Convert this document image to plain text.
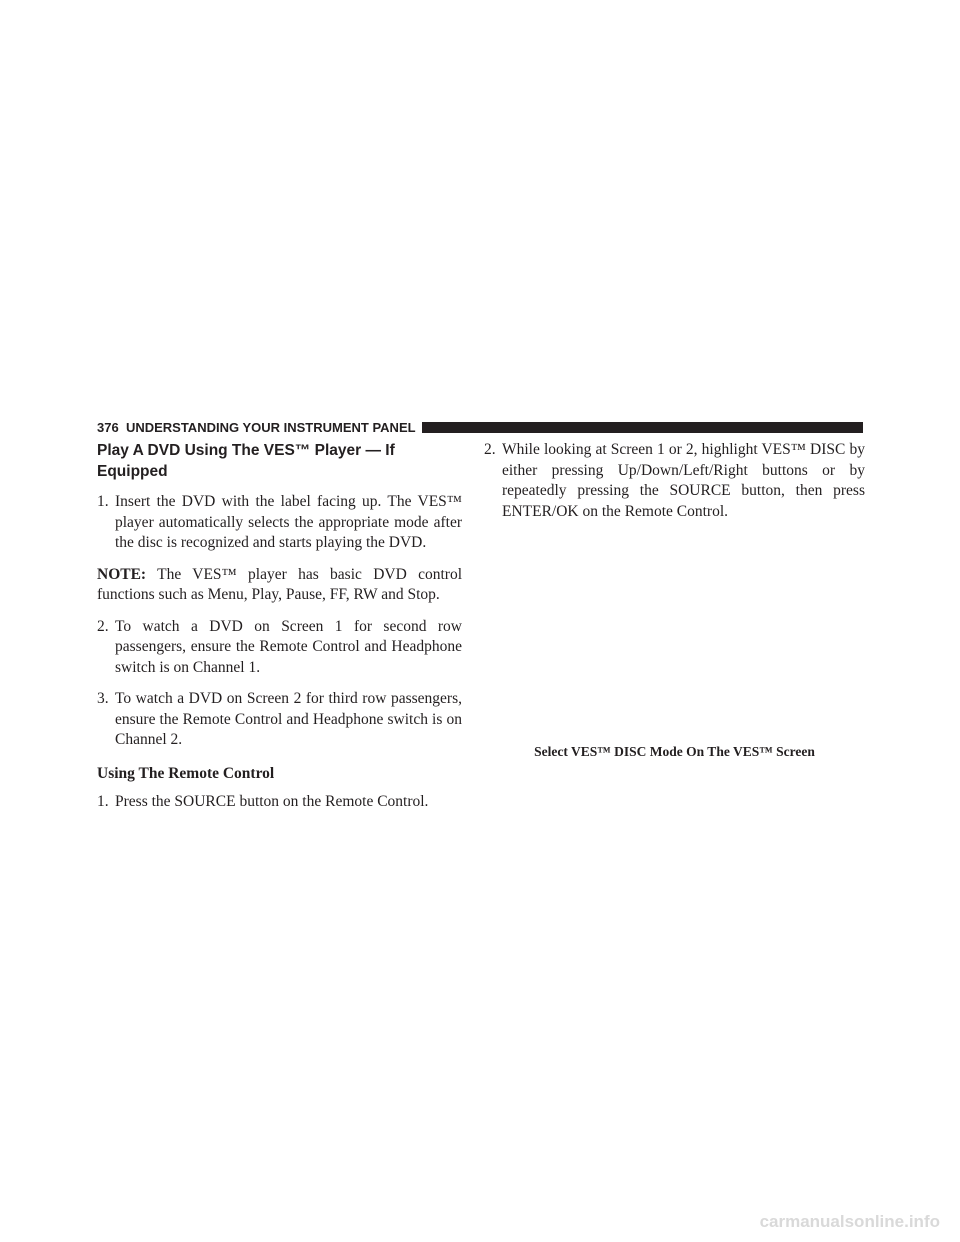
376 UNDERSTANDING YOUR INSTRUMENT PANEL
Play A DVD Using The VES™ Player — If Equipped
1. Insert the DVD with the label facing up. The VES™ player automatically selects the appropriate mode after the disc is recognized and starts playing the DVD.

NOTE: The VES™ player has basic DVD control functions such as Menu, Play, Pause, FF, RW and Stop.

2. To watch a DVD on Screen 1 for second row passengers, ensure the Remote Control and Headphone switch is on Channel 1.
3. To watch a DVD on Screen 2 for third row passengers, ensure the Remote Control and Headphone switch is on Channel 2.
Using The Remote Control
1. Press the SOURCE button on the Remote Control.
2. While looking at Screen 1 or 2, highlight VES™ DISC by either pressing Up/Down/Left/Right buttons or by repeatedly pressing the SOURCE button, then press ENTER/OK on the Remote Control.
Select VES™ DISC Mode On The VES™ Screen
carmanualsonline.info
